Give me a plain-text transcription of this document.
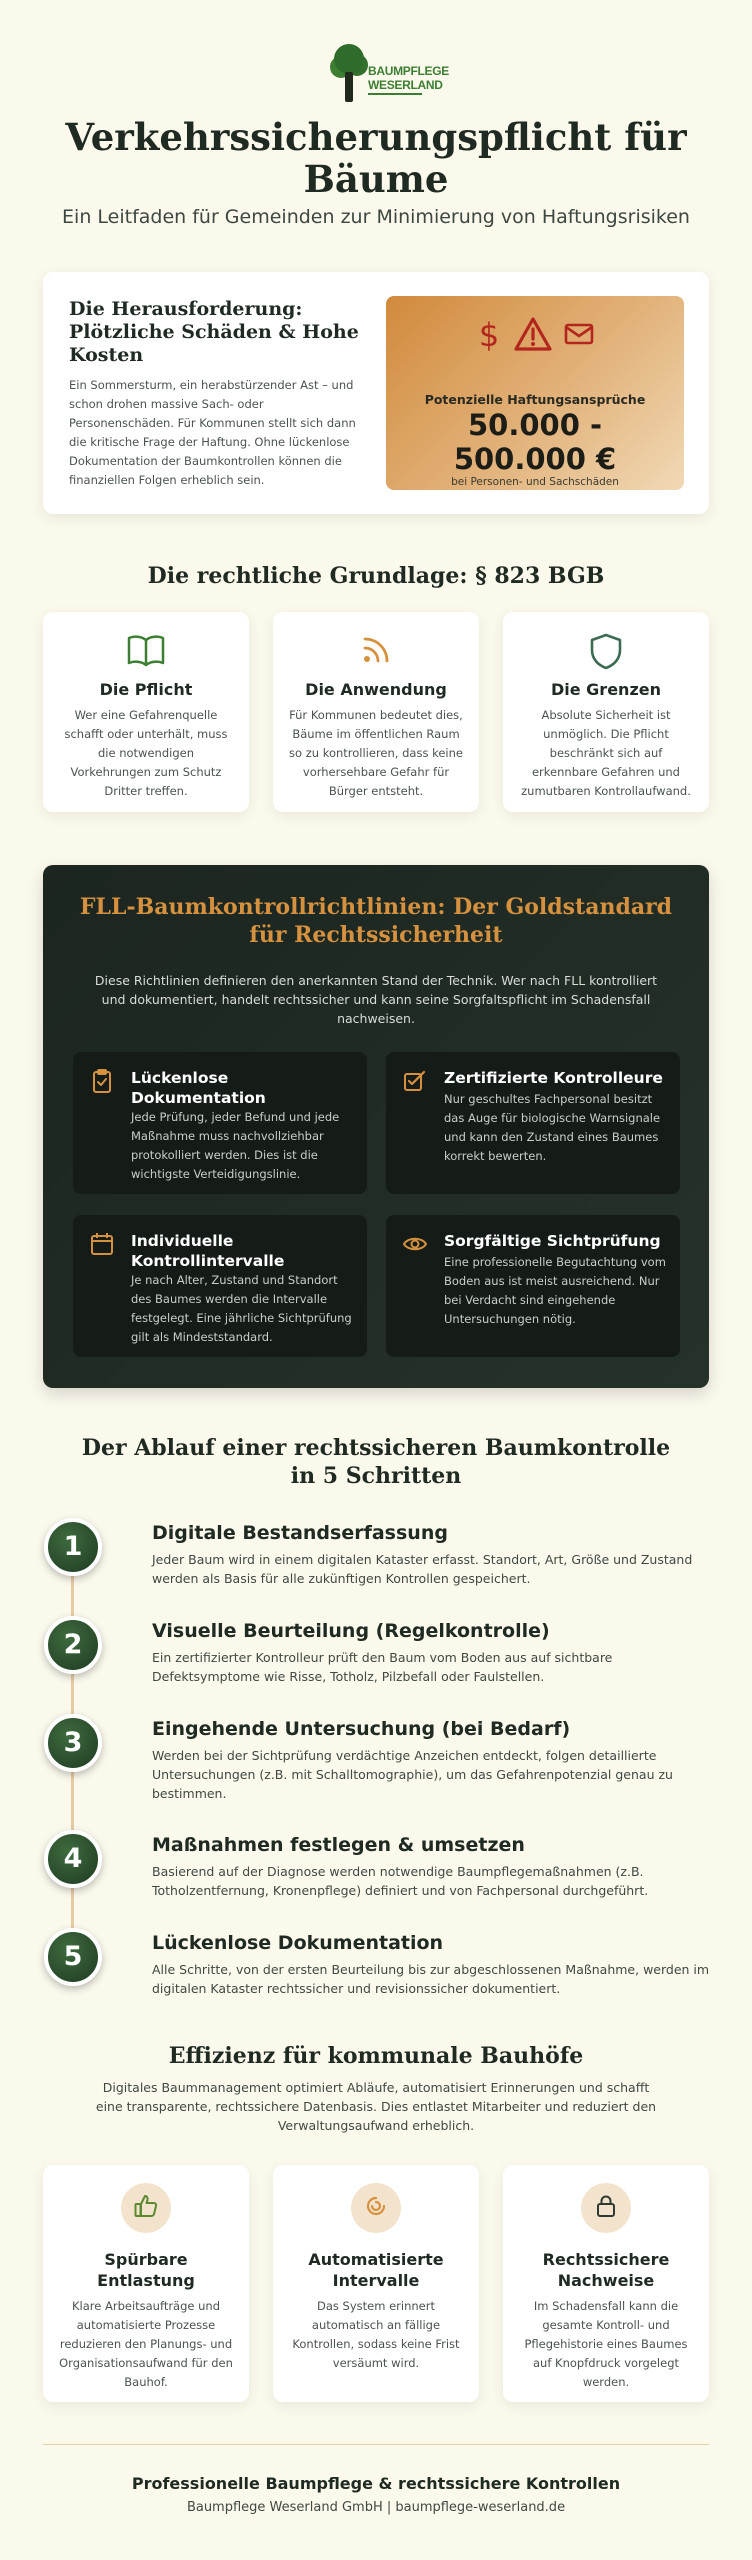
BAUMPFLEGE
WESERLAND
Verkehrssicherungspflicht für Bäume
Ein Leitfaden für Gemeinden zur Minimierung von Haftungsrisiken
Die Herausforderung: Plötzliche Schäden & Hohe Kosten

Ein Sommersturm, ein herabstürzender Ast – und schon drohen massive Sach- oder Personenschäden. Für Kommunen stellt sich dann die kritische Frage der Haftung. Ohne lückenlose Dokumentation der Baumkontrollen können die finanziellen Folgen erheblich sein.

$
Potenzielle Haftungsansprüche
50.000 - 500.000 €
bei Personen- und Sachschäden
Die rechtliche Grundlage: § 823 BGB
Die Pflicht
Wer eine Gefahrenquelle schafft oder unterhält, muss die notwendigen Vorkehrungen zum Schutz Dritter treffen.
Die Anwendung
Für Kommunen bedeutet dies, Bäume im öffentlichen Raum so zu kontrollieren, dass keine vorhersehbare Gefahr für Bürger entsteht.
Die Grenzen
Absolute Sicherheit ist unmöglich. Die Pflicht beschränkt sich auf erkennbare Gefahren und zumutbaren Kontrollaufwand.
FLL-Baumkontrollrichtlinien: Der Goldstandard für Rechtssicherheit

Diese Richtlinien definieren den anerkannten Stand der Technik. Wer nach FLL kontrolliert und dokumentiert, handelt rechtssicher und kann seine Sorgfaltspflicht im Schadensfall nachweisen.

Lückenlose Dokumentation
Jede Prüfung, jeder Befund und jede Maßnahme muss nachvollziehbar protokolliert werden. Dies ist die wichtigste Verteidigungslinie.
Zertifizierte Kontrolleure
Nur geschultes Fachpersonal besitzt das Auge für biologische Warnsignale und kann den Zustand eines Baumes korrekt bewerten.
Individuelle Kontrollintervalle
Je nach Alter, Zustand und Standort des Baumes werden die Intervalle festgelegt. Eine jährliche Sichtprüfung gilt als Mindeststandard.
Sorgfältige Sichtprüfung
Eine professionelle Begutachtung vom Boden aus ist meist ausreichend. Nur bei Verdacht sind eingehende Untersuchungen nötig.
Der Ablauf einer rechtssicheren Baumkontrolle in 5 Schritten
1	Digitale Bestandserfassung
Jeder Baum wird in einem digitalen Kataster erfasst. Standort, Art, Größe und Zustand werden als Basis für alle zukünftigen Kontrollen gespeichert.
2	Visuelle Beurteilung (Regelkontrolle)
Ein zertifizierter Kontrolleur prüft den Baum vom Boden aus auf sichtbare Defektsymptome wie Risse, Totholz, Pilzbefall oder Faulstellen.
3	Eingehende Untersuchung (bei Bedarf)
Werden bei der Sichtprüfung verdächtige Anzeichen entdeckt, folgen detaillierte Untersuchungen (z.B. mit Schalltomographie), um das Gefahrenpotenzial genau zu bestimmen.
4	Maßnahmen festlegen & umsetzen
Basierend auf der Diagnose werden notwendige Baumpflegemaßnahmen (z.B. Totholzentfernung, Kronenpflege) definiert und von Fachpersonal durchgeführt.
5	Lückenlose Dokumentation
Alle Schritte, von der ersten Beurteilung bis zur abgeschlossenen Maßnahme, werden im digitalen Kataster rechtssicher und revisionssicher dokumentiert.
Effizienz für kommunale Bauhöfe

Digitales Baummanagement optimiert Abläufe, automatisiert Erinnerungen und schafft eine transparente, rechtssichere Datenbasis. Dies entlastet Mitarbeiter und reduziert den Verwaltungsaufwand erheblich.

Spürbare Entlastung
Klare Arbeitsaufträge und automatisierte Prozesse reduzieren den Planungs- und Organisationsaufwand für den Bauhof.
Automatisierte Intervalle
Das System erinnert automatisch an fällige Kontrollen, sodass keine Frist versäumt wird.
Rechtssichere Nachweise
Im Schadensfall kann die gesamte Kontroll- und Pflegehistorie eines Baumes auf Knopfdruck vorgelegt werden.
Professionelle Baumpflege & rechtssichere Kontrollen
Baumpflege Weserland GmbH | baumpflege-weserland.de
